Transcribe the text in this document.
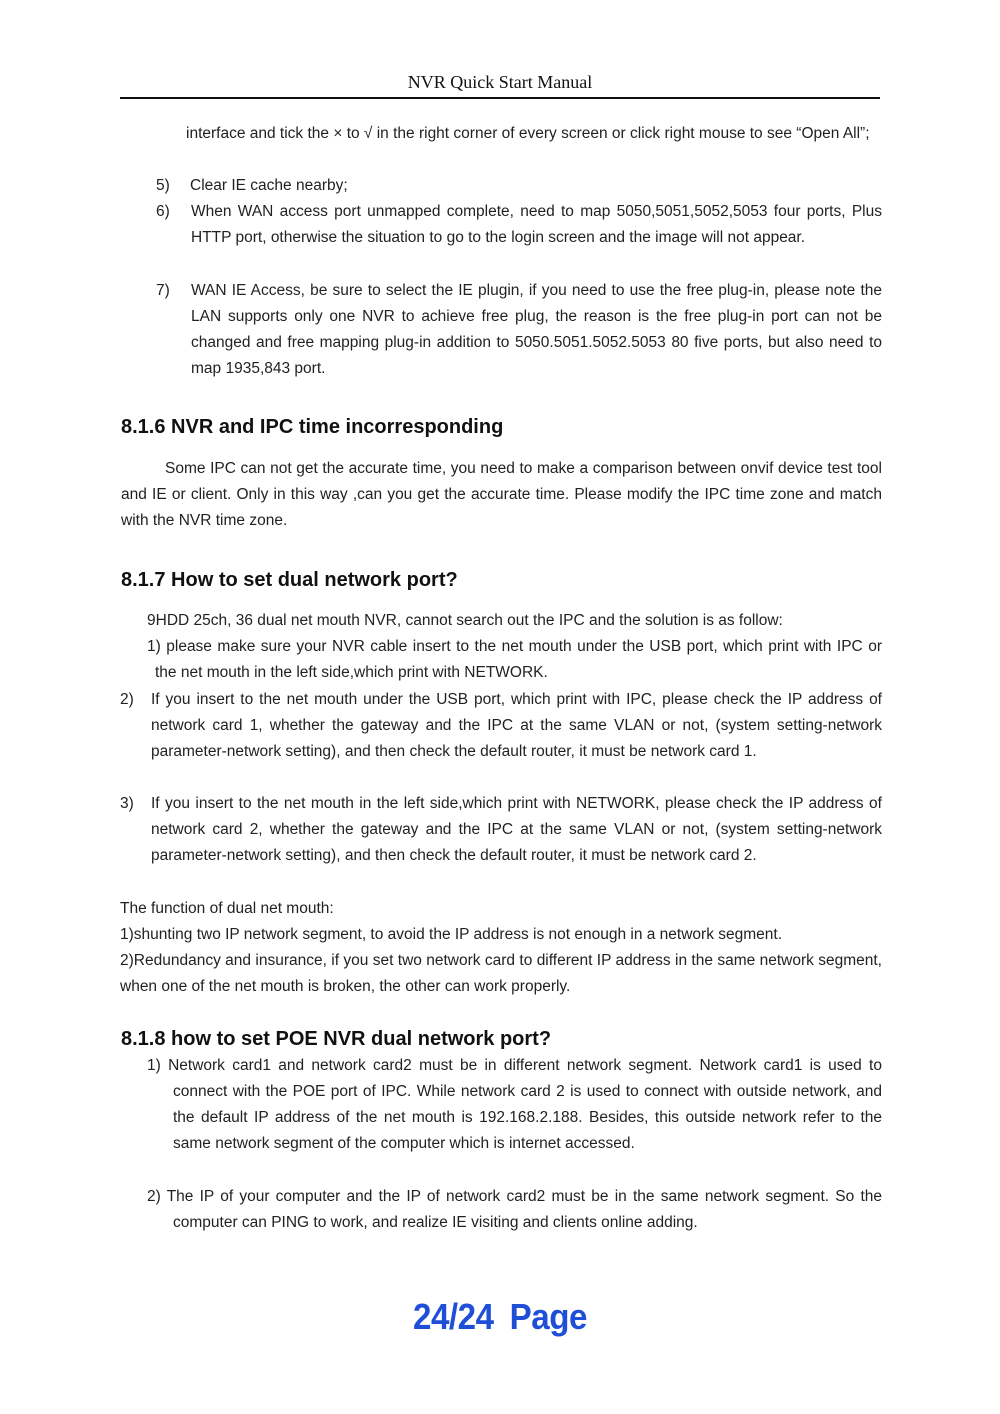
NVR Quick Start Manual
interface and tick the × to √ in the right corner of every screen or click right mouse to see “Open All”;
5) Clear IE cache nearby;
6) When WAN access port unmapped complete, need to map 5050,5051,5052,5053 four ports, Plus HTTP port, otherwise the situation to go to the login screen and the image will not appear.
7) WAN IE Access, be sure to select the IE plugin, if you need to use the free plug-in, please note the LAN supports only one NVR to achieve free plug, the reason is the free plug-in port can not be changed and free mapping plug-in addition to 5050.5051.5052.5053 80 five ports, but also need to map 1935,843 port.
8.1.6 NVR and IPC time incorresponding
Some IPC can not get the accurate time, you need to make a comparison between onvif device test tool and IE or client. Only in this way ,can you get the accurate time. Please modify the IPC time zone and match with the NVR time zone.
8.1.7 How to set dual network port?
9HDD 25ch, 36 dual net mouth NVR, cannot search out the IPC and the solution is as follow:
1) please make sure your NVR cable insert to the net mouth under the USB port, which print with IPC or the net mouth in the left side,which print with NETWORK.
2) If you insert to the net mouth under the USB port, which print with IPC, please check the IP address of network card 1, whether the gateway and the IPC at the same VLAN or not, (system setting-network parameter-network setting), and then check the default router, it must be network card 1.
3) If you insert to the net mouth in the left side,which print with NETWORK, please check the IP address of network card 2, whether the gateway and the IPC at the same VLAN or not, (system setting-network parameter-network setting), and then check the default router, it must be network card 2.
The function of dual net mouth:
1)shunting two IP network segment, to avoid the IP address is not enough in a network segment.
2)Redundancy and insurance, if you set two network card to different IP address in the same network segment, when one of the net mouth is broken, the other can work properly.
8.1.8 how to set POE NVR dual network port?
1) Network card1 and network card2 must be in different network segment. Network card1 is used to connect with the POE port of IPC. While network card 2 is used to connect with outside network, and the default IP address of the net mouth is 192.168.2.188. Besides, this outside network refer to the same network segment of the computer which is internet accessed.
2) The IP of your computer and the IP of network card2 must be in the same network segment. So the computer can PING to work, and realize IE visiting and clients online adding.
24/24 Page
